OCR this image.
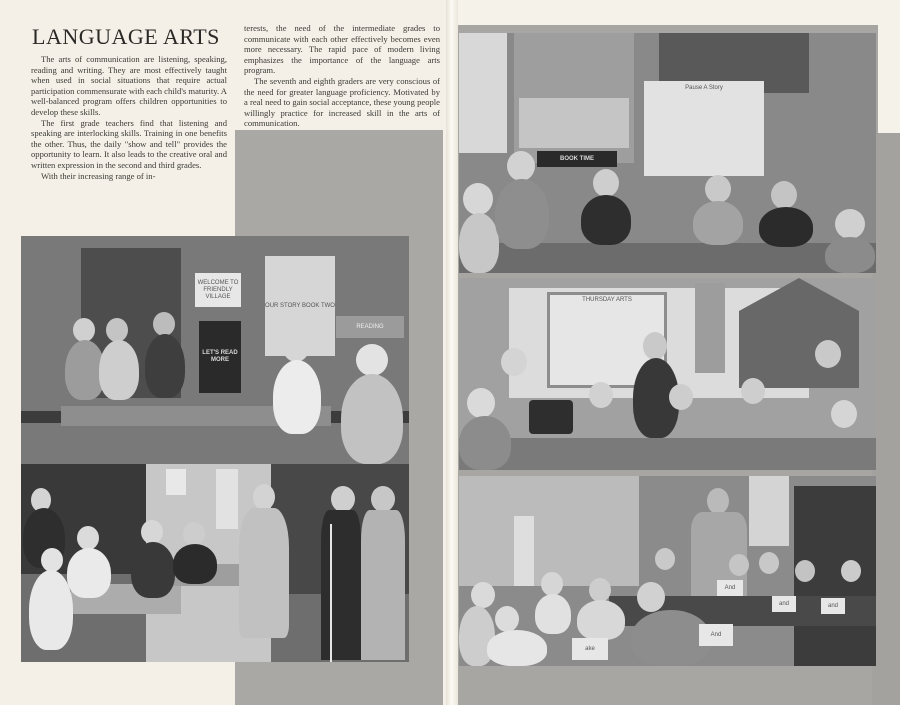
LANGUAGE ARTS

The arts of communication are listening, speaking, reading and writing. They are most effectively taught when used in social situations that require actual participation commensurate with each child's maturity. A well-balanced program offers children opportunities to develop these skills.

The first grade teachers find that listening and speaking are interlocking skills. Training in one benefits the other. Thus, the daily "show and tell" provides the opportunity to learn. It also leads to the creative oral and written expression in the second and third grades.

With their increasing range of in-

terests, the need of the intermediate grades to communicate with each other effectively becomes even more necessary. The rapid pace of modern living emphasizes the importance of the language arts program.

The seventh and eighth graders are very conscious of the need for greater language proficiency. Motivated by a real need to gain social acceptance, these young people willingly practice for increased skill in the arts of communication.

WELCOME TO FRIENDLY VILLAGE
LET'S READ MORE
OUR STORY BOOK TWO
READING
BOOK TIME
Pause A Story
THURSDAY ARTS
ake
And
And
and	and
